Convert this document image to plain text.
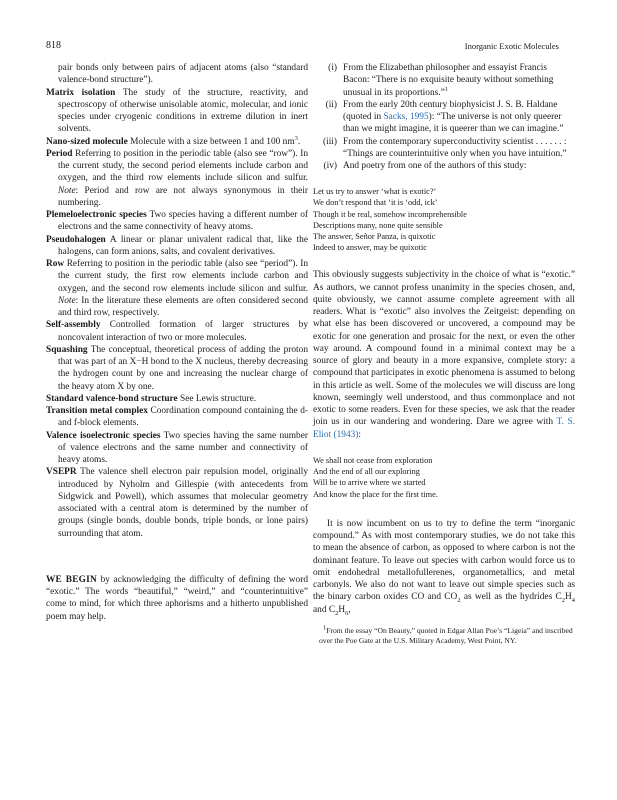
818	Inorganic Exotic Molecules

pair bonds only between pairs of adjacent atoms (also “standard valence-bond structure”).

Matrix isolation The study of the structure, reactivity, and spectroscopy of otherwise unisolable atomic, molecular, and ionic species under cryogenic conditions in extreme dilution in inert solvents.

Nano-sized molecule Molecule with a size between 1 and 100 $nm^3$.

Period Referring to position in the periodic table (also see “row”). In the current study, the second period elements include carbon and oxygen, and the third row elements include silicon and sulfur. Note: Period and row are not always synonymous in their numbering.

Plemeloelectronic species Two species having a different number of electrons and the same connectivity of heavy atoms.

Pseudohalogen A linear or planar univalent radical that, like the halogens, can form anions, salts, and covalent derivatives.

Row Referring to position in the periodic table (also see “period”). In the current study, the first row elements include carbon and oxygen, and the second row elements include silicon and sulfur. Note: In the literature these elements are often considered second and third row, respectively.

Self-assembly Controlled formation of larger structures by noncovalent interaction of two or more molecules.

Squashing The conceptual, theoretical process of adding the proton that was part of an X−H bond to the X nucleus, thereby decreasing the hydrogen count by one and increasing the nuclear charge of the heavy atom X by one.

Standard valence-bond structure See Lewis structure.

Transition metal complex Coordination compound containing the d- and f-block elements.

Valence isoelectronic species Two species having the same number of valence electrons and the same number and connectivity of heavy atoms.

VSEPR The valence shell electron pair repulsion model, originally introduced by Nyholm and Gillespie (with antecedents from Sidgwick and Powell), which assumes that molecular geometry associated with a central atom is determined by the number of groups (single bonds, double bonds, triple bonds, or lone pairs) surrounding that atom.

WE BEGIN by acknowledging the difficulty of defining the word “exotic.” The words “beautiful,” “weird,” and “counterintuitive” come to mind, for which three aphorisms and a hitherto unpublished poem may help.

(i) From the Elizabethan philosopher and essayist Francis Bacon: “There is no exquisite beauty without something unusual in its proportions.”$^1$
(ii) From the early 20th century biophysicist J. S. B. Haldane (quoted in Sacks, 1995): “The universe is not only queerer than we might imagine, it is queerer than we can imagine.”
(iii) From the contemporary superconductivity scientist . . . . . . : “Things are counterintuitive only when you have intuition.”
(iv) And poetry from one of the authors of this study:
Let us try to answer ‘what is exotic?’
We don’t respond that ‘it is ‘odd, ick’
Though it be real, somehow incomprehensible
Descriptions many, none quite sensible
The answer, Señor Panza, is quixotic
Indeed to answer, may be quixotic

This obviously suggests subjectivity in the choice of what is “exotic.” As authors, we cannot profess unanimity in the species chosen, and, quite obviously, we cannot assume complete agreement with all readers. What is “exotic” also involves the Zeitgeist: depending on what else has been discovered or uncovered, a compound may be exotic for one generation and prosaic for the next, or even the other way around. A compound found in a minimal context may be a source of glory and beauty in a more expansive, complete story: a compound that participates in exotic phenomena is assumed to belong in this article as well. Some of the molecules we will discuss are long known, seemingly well understood, and thus commonplace and not exotic to some readers. Even for these species, we ask that the reader join us in our wandering and wondering. Dare we agree with T. S. Eliot (1943):

We shall not cease from exploration
And the end of all our exploring
Will be to arrive where we started
And know the place for the first time.

It is now incumbent on us to try to define the term “inorganic compound.” As with most contemporary studies, we do not take this to mean the absence of carbon, as opposed to where carbon is not the dominant feature. To leave out species with carbon would force us to omit endohedral metallofullerenes, organometallics, and metal carbonyls. We also do not want to leave out simple species such as the binary carbon oxides CO and $CO_2$ as well as the hydrides $C_2H_4$ and $C_2H_6$,

$^1$From the essay “On Beauty,” quoted in Edgar Allan Poe’s “Ligeia” and inscribed over the Poe Gate at the U.S. Military Academy, West Point, NY.
